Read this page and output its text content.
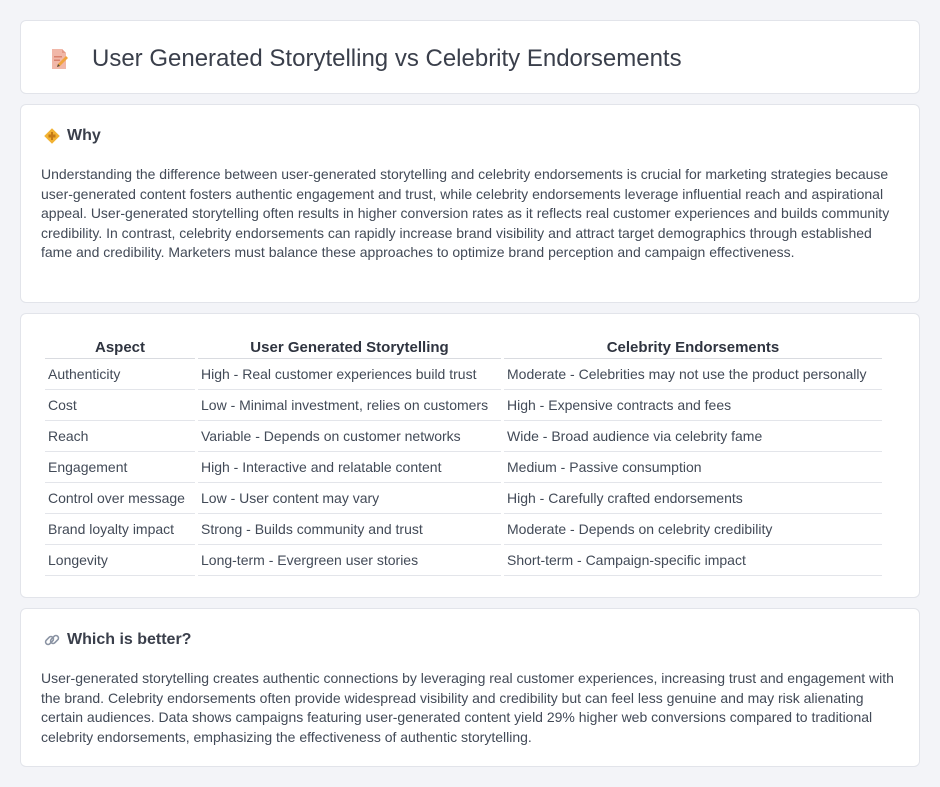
User Generated Storytelling vs Celebrity Endorsements
Why

Understanding the difference between user-generated storytelling and celebrity endorsements is crucial for marketing strategies because user-generated content fosters authentic engagement and trust, while celebrity endorsements leverage influential reach and aspirational appeal. User-generated storytelling often results in higher conversion rates as it reflects real customer experiences and builds community credibility. In contrast, celebrity endorsements can rapidly increase brand visibility and attract target demographics through established fame and credibility. Marketers must balance these approaches to optimize brand perception and campaign effectiveness.

Aspect	User Generated Storytelling	Celebrity Endorsements
Authenticity	High - Real customer experiences build trust	Moderate - Celebrities may not use the product personally
Cost	Low - Minimal investment, relies on customers	High - Expensive contracts and fees
Reach	Variable - Depends on customer networks	Wide - Broad audience via celebrity fame
Engagement	High - Interactive and relatable content	Medium - Passive consumption
Control over message	Low - User content may vary	High - Carefully crafted endorsements
Brand loyalty impact	Strong - Builds community and trust	Moderate - Depends on celebrity credibility
Longevity	Long-term - Evergreen user stories	Short-term - Campaign-specific impact
Which is better?

User-generated storytelling creates authentic connections by leveraging real customer experiences, increasing trust and engagement with the brand. Celebrity endorsements often provide widespread visibility and credibility but can feel less genuine and may risk alienating certain audiences. Data shows campaigns featuring user-generated content yield 29% higher web conversions compared to traditional celebrity endorsements, emphasizing the effectiveness of authentic storytelling.
